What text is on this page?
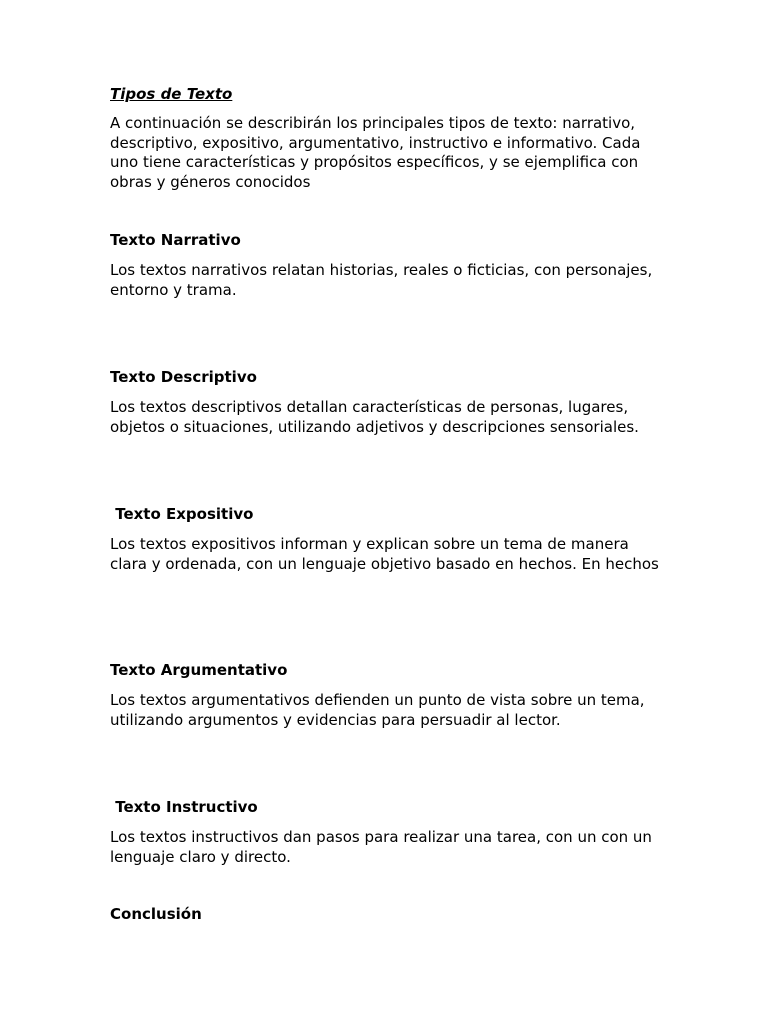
Tipos de Texto
A continuación se describirán los principales tipos de texto: narrativo, descriptivo, expositivo, argumentativo, instructivo e informativo. Cada uno tiene características y propósitos específicos, y se ejemplifica con obras y géneros conocidos
Texto Narrativo
Los textos narrativos relatan historias, reales o ficticias, con personajes, entorno y trama.
Texto Descriptivo
Los textos descriptivos detallan características de personas, lugares, objetos o situaciones, utilizando adjetivos y descripciones sensoriales.
Texto Expositivo
Los textos expositivos informan y explican sobre un tema de manera clara y ordenada, con un lenguaje objetivo basado en hechos. En hechos
Texto Argumentativo
Los textos argumentativos defienden un punto de vista sobre un tema, utilizando argumentos y evidencias para persuadir al lector.
Texto Instructivo
Los textos instructivos dan pasos para realizar una tarea, con un con un lenguaje claro y directo.
Conclusión
